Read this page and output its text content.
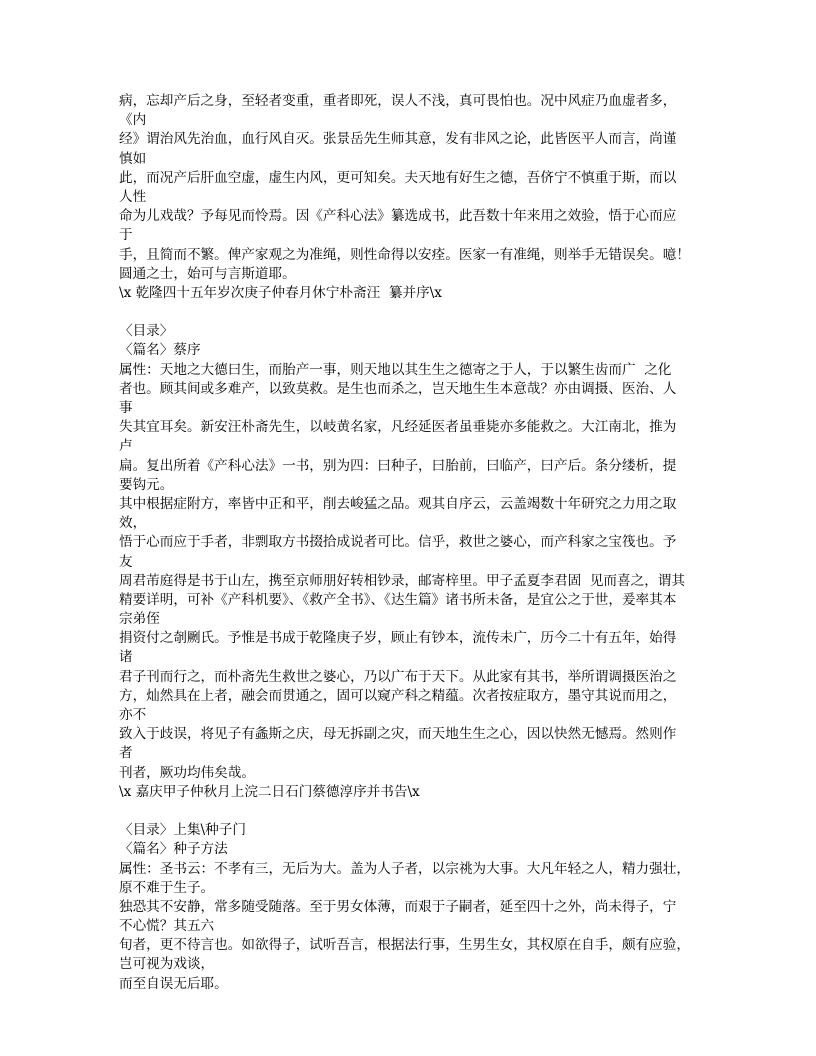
病，忘却产后之身，至轻者变重，重者即死，误人不浅，真可畏怕也。况中风症乃血虚者多，
《内
经》谓治风先治血，血行风自灭。张景岳先生师其意，发有非风之论，此皆医平人而言，尚谨
慎如
此，而况产后肝血空虚，虚生内风，更可知矣。夫天地有好生之德，吾侪宁不慎重于斯，而以
人性
命为儿戏哉？予每见而怜焉。因《产科心法》纂选成书，此吾数十年来用之效验，悟于心而应
于
手，且简而不繁。俾产家观之为准绳，则性命得以安痊。医家一有准绳，则举手无错误矣。噫！
圆通之士，始可与言斯道耶。
\x 乾隆四十五年岁次庚子仲春月休宁朴斋汪  纂并序\x
〈目录〉
〈篇名〉蔡序
属性：天地之大德曰生，而胎产一事，则天地以其生生之德寄之于人，于以繁生齿而广  之化
者也。顾其间或多难产，以致莫救。是生也而杀之，岂天地生生本意哉？亦由调摄、医治、人
事
失其宜耳矣。新安汪朴斋先生，以岐黄名家，凡经延医者虽垂毙亦多能救之。大江南北，推为
卢
扁。复出所着《产科心法》一书，别为四：曰种子，曰胎前，曰临产，曰产后。条分缕析，提
要钩元。
其中根据症附方，率皆中正和平，削去峻猛之品。观其自序云，云盖竭数十年研究之力用之取
效，
悟于心而应于手者，非剽取方书掇拾成说者可比。信乎，救世之婆心，而产科家之宝筏也。予
友
周君芾庭得是书于山左，携至京师朋好转相钞录，邮寄梓里。甲子孟夏李君固  见而喜之，谓其
精要详明，可补《产科机要》、《救产全书》、《达生篇》诸书所未备，是宜公之于世，爰率其本
宗弟侄
捐资付之剞劂氏。予惟是书成于乾隆庚子岁，顾止有钞本，流传未广，历今二十有五年，始得
诸
君子刊而行之，而朴斋先生救世之婆心，乃以广布于天下。从此家有其书，举所谓调摄医治之
方，灿然具在上者，融会而贯通之，固可以窥产科之精蕴。次者按症取方，墨守其说而用之，
亦不
致入于歧误，将见子有螽斯之庆，母无拆副之灾，而天地生生之心，因以快然无憾焉。然则作
者
刊者，厥功均伟矣哉。
\x 嘉庆甲子仲秋月上浣二日石门蔡德淳序并书告\x
〈目录〉上集\种子门
〈篇名〉种子方法
属性：圣书云：不孝有三，无后为大。盖为人子者，以宗祧为大事。大凡年轻之人，精力强壮，
原不难于生子。
独恐其不安静，常多随受随落。至于男女体薄，而艰于子嗣者，延至四十之外，尚未得子，宁
不心慌？其五六
旬者，更不待言也。如欲得子，试听吾言，根据法行事，生男生女，其权原在自手，颇有应验，
岂可视为戏谈，
而至自误无后耶。
